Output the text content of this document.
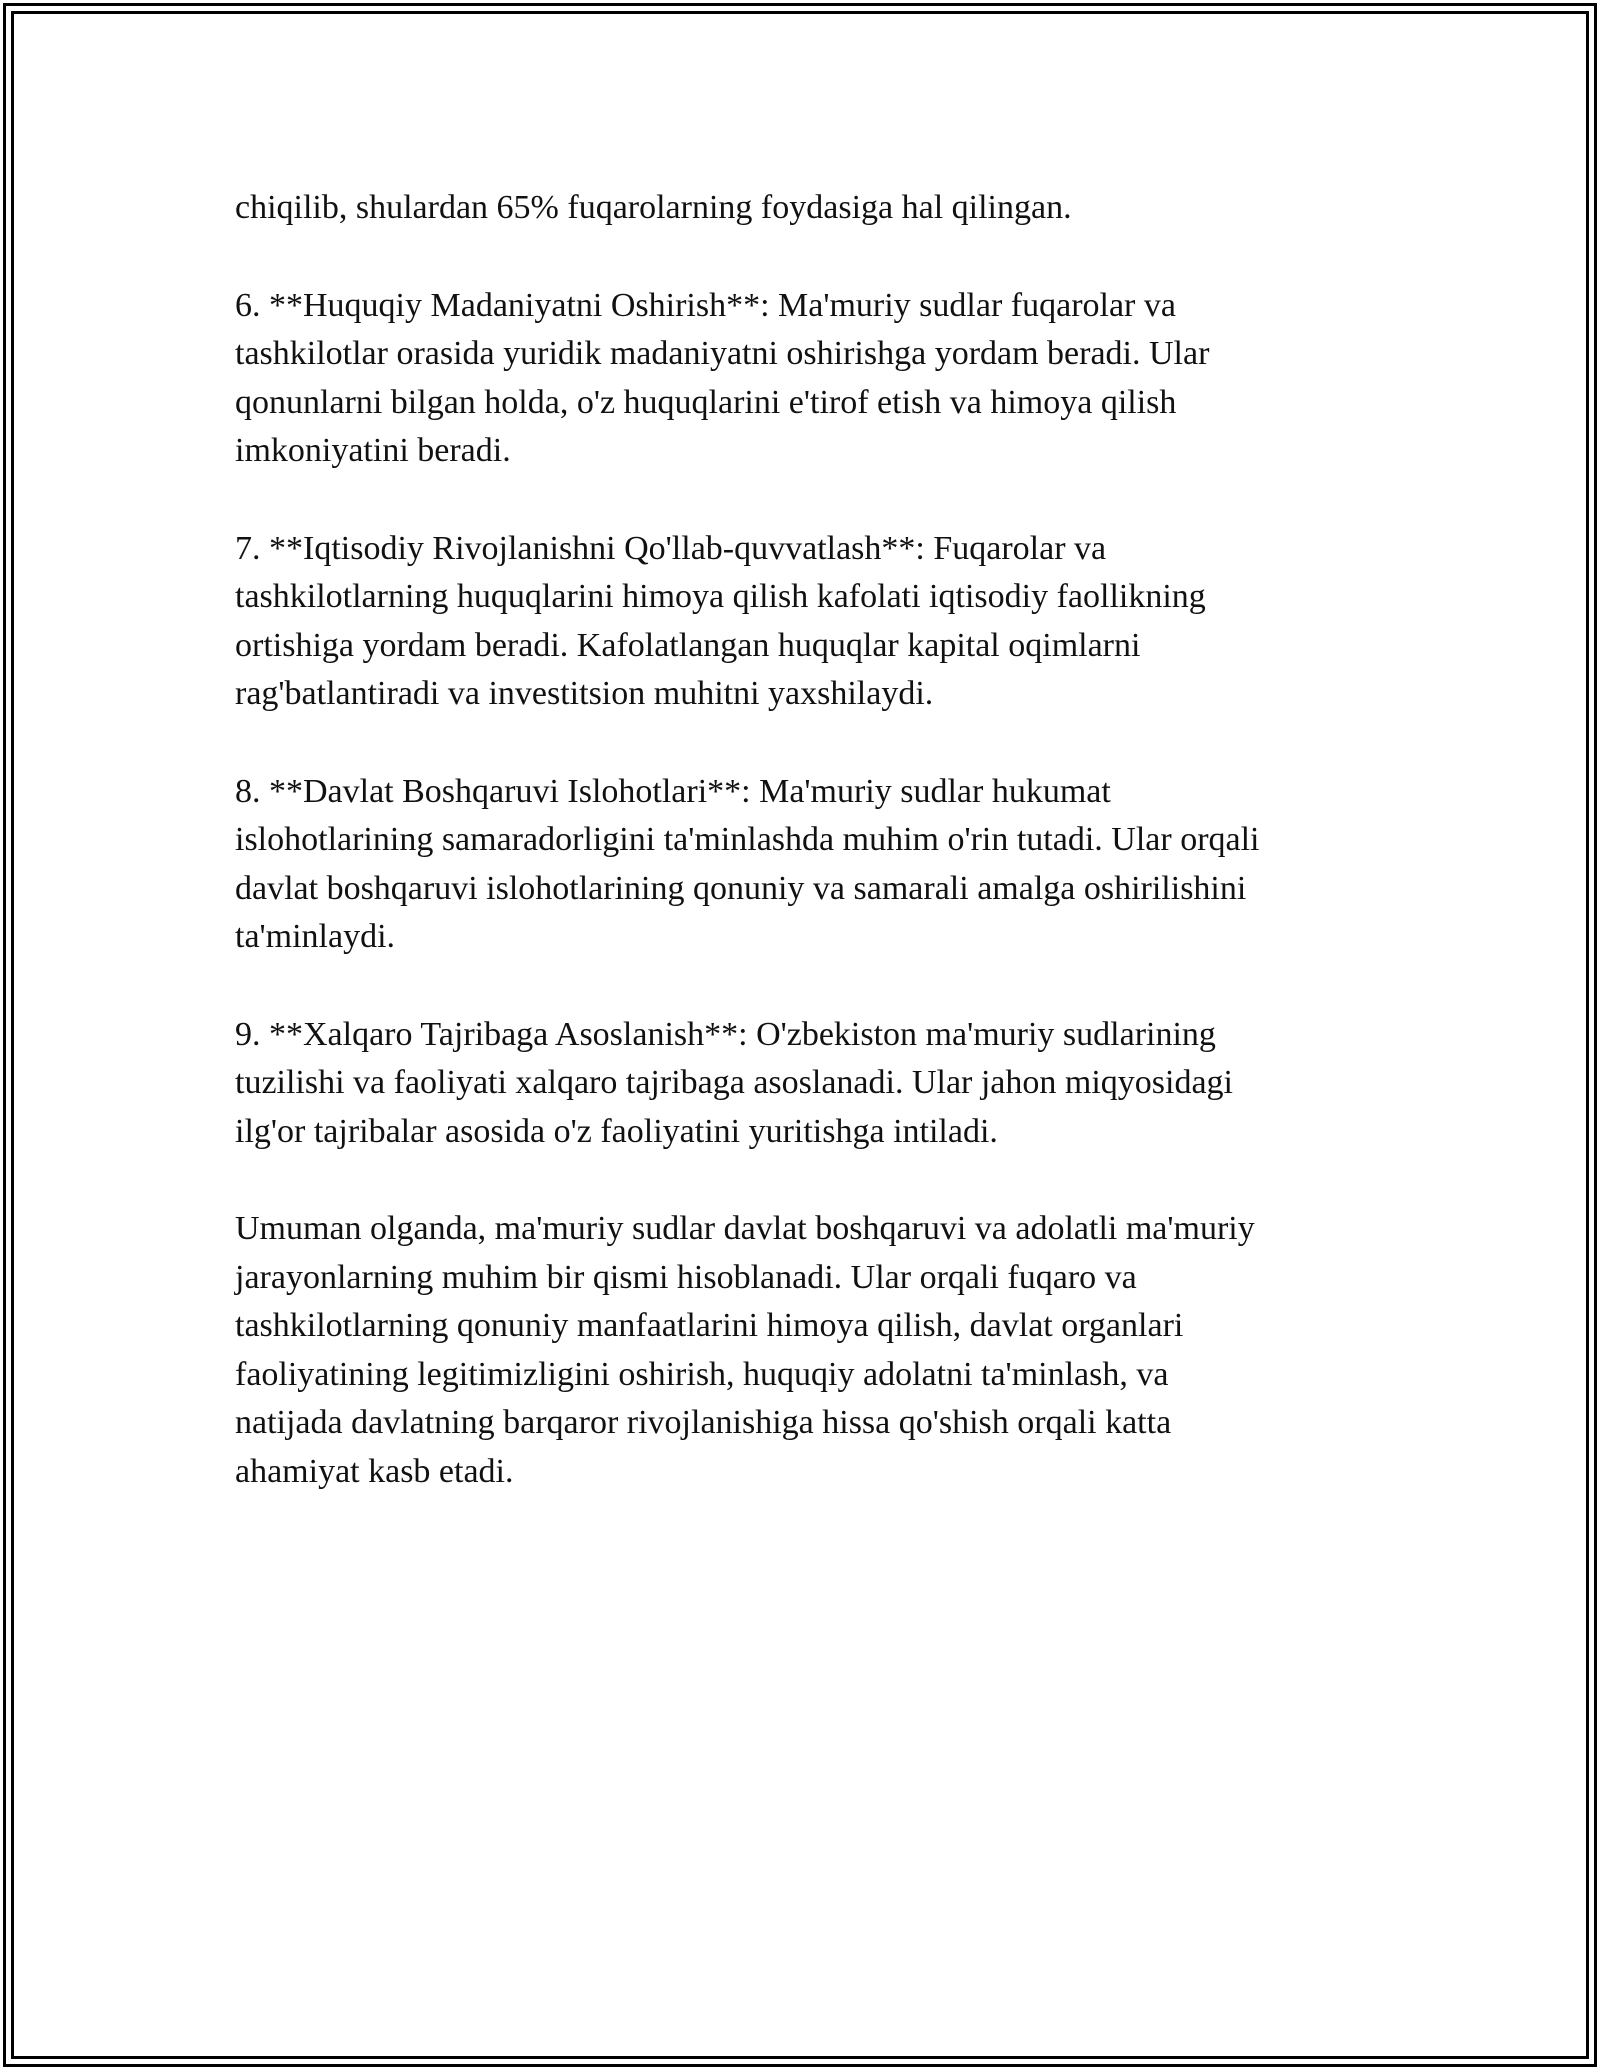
chiqilib, shulardan 65% fuqarolarning foydasiga hal qilingan.

6. **Huquqiy Madaniyatni Oshirish**: Ma'muriy sudlar fuqarolar va
tashkilotlar orasida yuridik madaniyatni oshirishga yordam beradi. Ular
qonunlarni bilgan holda, o'z huquqlarini e'tirof etish va himoya qilish
imkoniyatini beradi.

7. **Iqtisodiy Rivojlanishni Qo'llab-quvvatlash**: Fuqarolar va
tashkilotlarning huquqlarini himoya qilish kafolati iqtisodiy faollikning
ortishiga yordam beradi. Kafolatlangan huquqlar kapital oqimlarni
rag'batlantiradi va investitsion muhitni yaxshilaydi.

8. **Davlat Boshqaruvi Islohotlari**: Ma'muriy sudlar hukumat
islohotlarining samaradorligini ta'minlashda muhim o'rin tutadi. Ular orqali
davlat boshqaruvi islohotlarining qonuniy va samarali amalga oshirilishini
ta'minlaydi.

9. **Xalqaro Tajribaga Asoslanish**: O'zbekiston ma'muriy sudlarining
tuzilishi va faoliyati xalqaro tajribaga asoslanadi. Ular jahon miqyosidagi
ilg'or tajribalar asosida o'z faoliyatini yuritishga intiladi.

Umuman olganda, ma'muriy sudlar davlat boshqaruvi va adolatli ma'muriy
jarayonlarning muhim bir qismi hisoblanadi. Ular orqali fuqaro va
tashkilotlarning qonuniy manfaatlarini himoya qilish, davlat organlari
faoliyatining legitimizligini oshirish, huquqiy adolatni ta'minlash, va
natijada davlatning barqaror rivojlanishiga hissa qo'shish orqali katta
ahamiyat kasb etadi.
